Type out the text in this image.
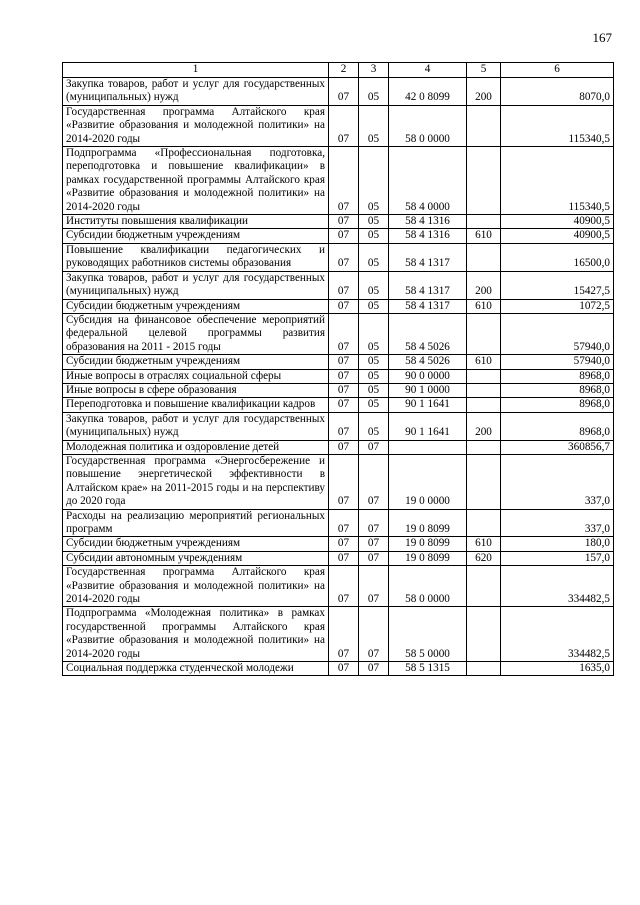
167
1	2	3	4	5	6
Закупка товаров, работ и услуг для государственных (муниципальных) нужд	07	05	42 0 8099	200	8070,0
Государственная программа Алтайского края «Развитие образования и молодежной политики» на 2014-2020 годы	07	05	58 0 0000		115340,5
Подпрограмма «Профессиональная подготовка, переподготовка и повышение квалификации» в рамках государственной программы Алтайского края «Развитие образования и молодежной политики» на 2014-2020 годы	07	05	58 4 0000		115340,5
Институты повышения квалификации	07	05	58 4 1316		40900,5
Субсидии бюджетным учреждениям	07	05	58 4 1316	610	40900,5
Повышение квалификации педагогических и руководящих работников системы образования	07	05	58 4 1317		16500,0
Закупка товаров, работ и услуг для государственных (муниципальных) нужд	07	05	58 4 1317	200	15427,5
Субсидии бюджетным учреждениям	07	05	58 4 1317	610	1072,5
Субсидия на финансовое обеспечение мероприятий федеральной целевой программы развития образования на 2011 - 2015 годы	07	05	58 4 5026		57940,0
Субсидии бюджетным учреждениям	07	05	58 4 5026	610	57940,0
Иные вопросы в отраслях социальной сферы	07	05	90 0 0000		8968,0
Иные вопросы в сфере образования	07	05	90 1 0000		8968,0
Переподготовка и повышение квалификации кадров	07	05	90 1 1641		8968,0
Закупка товаров, работ и услуг для государственных (муниципальных) нужд	07	05	90 1 1641	200	8968,0
Молодежная политика и оздоровление детей	07	07			360856,7
Государственная программа «Энергосбережение и повышение энергетической эффективности в Алтайском крае» на 2011-2015 годы и на перспективу до 2020 года	07	07	19 0 0000		337,0
Расходы на реализацию мероприятий региональных программ	07	07	19 0 8099		337,0
Субсидии бюджетным учреждениям	07	07	19 0 8099	610	180,0
Субсидии автономным учреждениям	07	07	19 0 8099	620	157,0
Государственная программа Алтайского края «Развитие образования и молодежной политики» на 2014-2020 годы	07	07	58 0 0000		334482,5
Подпрограмма «Молодежная политика» в рамках государственной программы Алтайского края «Развитие образования и молодежной политики» на 2014-2020 годы	07	07	58 5 0000		334482,5
Социальная поддержка студенческой молодежи	07	07	58 5 1315		1635,0
